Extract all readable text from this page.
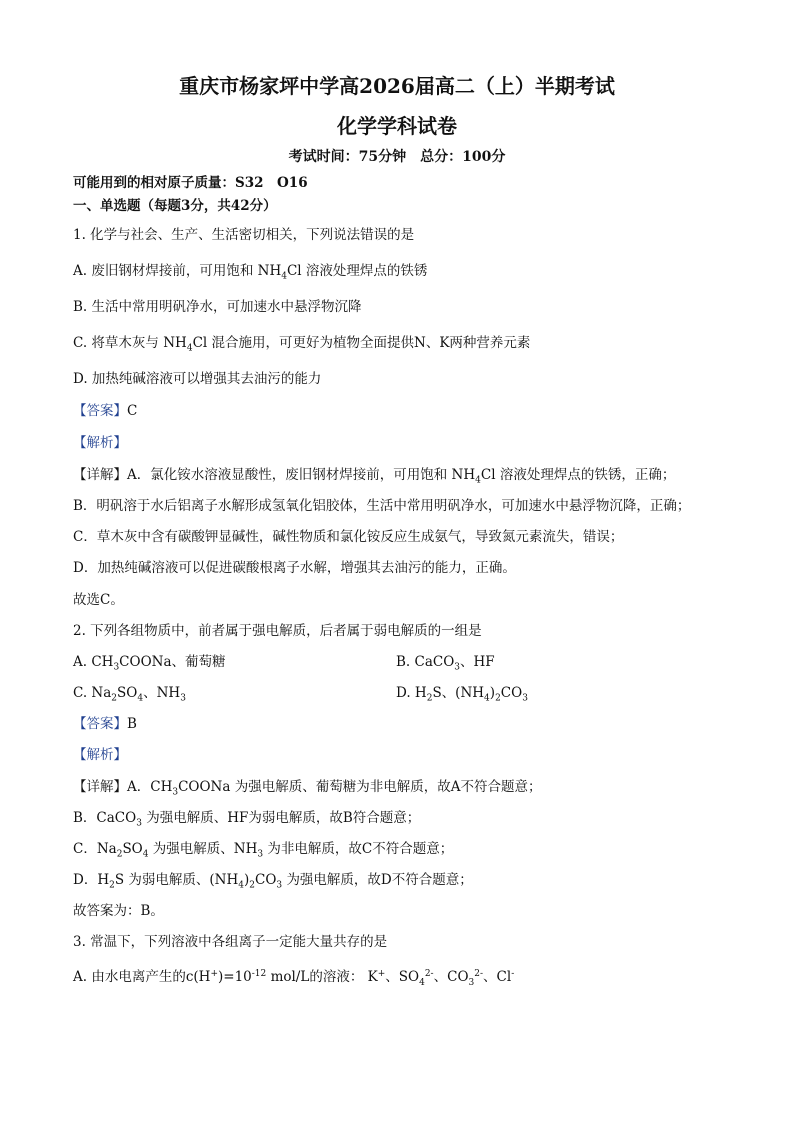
重庆市杨家坪中学高2026届高二（上）半期考试
化学学科试卷
考试时间：75分钟　总分：100分
可能用到的相对原子质量：S32　O16
一、单选题（每题3分，共42分）
1. 化学与社会、生产、生活密切相关，下列说法错误的是
A. 废旧钢材焊接前，可用饱和 $NH_4Cl$ 溶液处理焊点的铁锈
B. 生活中常用明矾净水，可加速水中悬浮物沉降
C. 将草木灰与 $NH_4Cl$ 混合施用，可更好为植物全面提供N、K两种营养元素
D. 加热纯碱溶液可以增强其去油污的能力
【答案】C
【解析】
【详解】A．氯化铵水溶液显酸性，废旧钢材焊接前，可用饱和 $NH_4Cl$ 溶液处理焊点的铁锈，正确；
B．明矾溶于水后铝离子水解形成氢氧化铝胶体，生活中常用明矾净水，可加速水中悬浮物沉降，正确；
C．草木灰中含有碳酸钾显碱性，碱性物质和氯化铵反应生成氨气，导致氮元素流失，错误；
D．加热纯碱溶液可以促进碳酸根离子水解，增强其去油污的能力，正确。
故选C。
2. 下列各组物质中，前者属于强电解质，后者属于弱电解质的一组是
A. $CH_3COONa$、葡萄糖	B. CaCO$_3$、HF
C. $Na_2SO_4$、$NH_3$	D. $H_2S$、$(NH_4)_2CO_3$
【答案】B
【解析】
【详解】A．$CH_3COONa$ 为强电解质、葡萄糖为非电解质，故A不符合题意；
B．CaCO$_3$ 为强电解质、HF为弱电解质，故B符合题意；
C．$Na_2SO_4$ 为强电解质、$NH_3$ 为非电解质，故C不符合题意；
D．$H_2S$ 为弱电解质、$(NH_4)_2CO_3$ 为强电解质，故D不符合题意；
故答案为：B。
3. 常温下，下列溶液中各组离子一定能大量共存的是
A. 由水电离产生的$c(H^+)=10^{-12}$ mol/L的溶液： K+、$SO_4^{2-}$、$CO_3^{2-}$、Cl-
